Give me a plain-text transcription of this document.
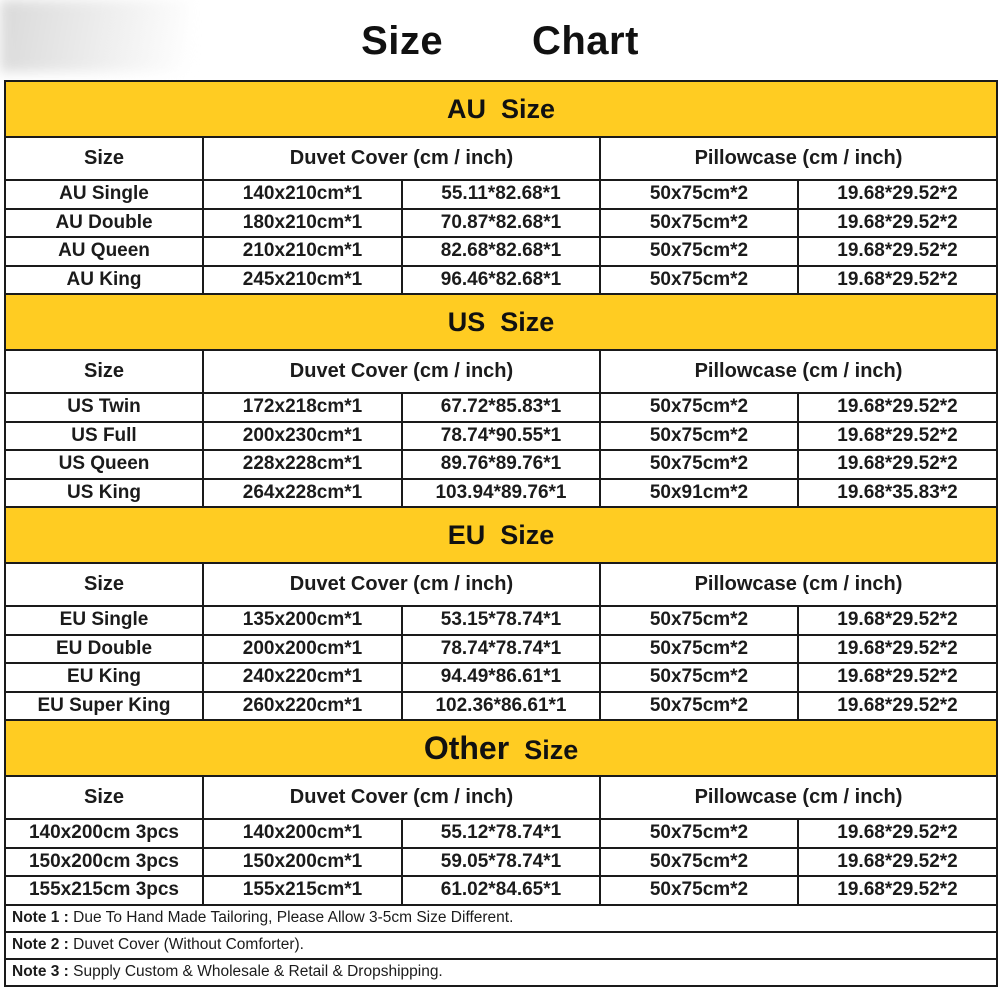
Size   Chart
AU Size				
Size	Duvet Cover (cm / inch)		Pillowcase (cm / inch)	
AU Single	140x210cm*1	55.11*82.68*1	50x75cm*2	19.68*29.52*2
AU Double	180x210cm*1	70.87*82.68*1	50x75cm*2	19.68*29.52*2
AU Queen	210x210cm*1	82.68*82.68*1	50x75cm*2	19.68*29.52*2
AU King	245x210cm*1	96.46*82.68*1	50x75cm*2	19.68*29.52*2
US Size				
Size	Duvet Cover (cm / inch)		Pillowcase (cm / inch)	
US Twin	172x218cm*1	67.72*85.83*1	50x75cm*2	19.68*29.52*2
US Full	200x230cm*1	78.74*90.55*1	50x75cm*2	19.68*29.52*2
US Queen	228x228cm*1	89.76*89.76*1	50x75cm*2	19.68*29.52*2
US King	264x228cm*1	103.94*89.76*1	50x91cm*2	19.68*35.83*2
EU Size				
Size	Duvet Cover (cm / inch)		Pillowcase (cm / inch)	
EU Single	135x200cm*1	53.15*78.74*1	50x75cm*2	19.68*29.52*2
EU Double	200x200cm*1	78.74*78.74*1	50x75cm*2	19.68*29.52*2
EU King	240x220cm*1	94.49*86.61*1	50x75cm*2	19.68*29.52*2
EU Super King	260x220cm*1	102.36*86.61*1	50x75cm*2	19.68*29.52*2
Other Size				
Size	Duvet Cover (cm / inch)		Pillowcase (cm / inch)	
140x200cm 3pcs	140x200cm*1	55.12*78.74*1	50x75cm*2	19.68*29.52*2
150x200cm 3pcs	150x200cm*1	59.05*78.74*1	50x75cm*2	19.68*29.52*2
155x215cm 3pcs	155x215cm*1	61.02*84.65*1	50x75cm*2	19.68*29.52*2
Note 1 : Due To Hand Made Tailoring, Please Allow 3-5cm Size Different.				
Note 2 : Duvet Cover (Without Comforter).				
Note 3 : Supply Custom & Wholesale & Retail & Dropshipping.				
